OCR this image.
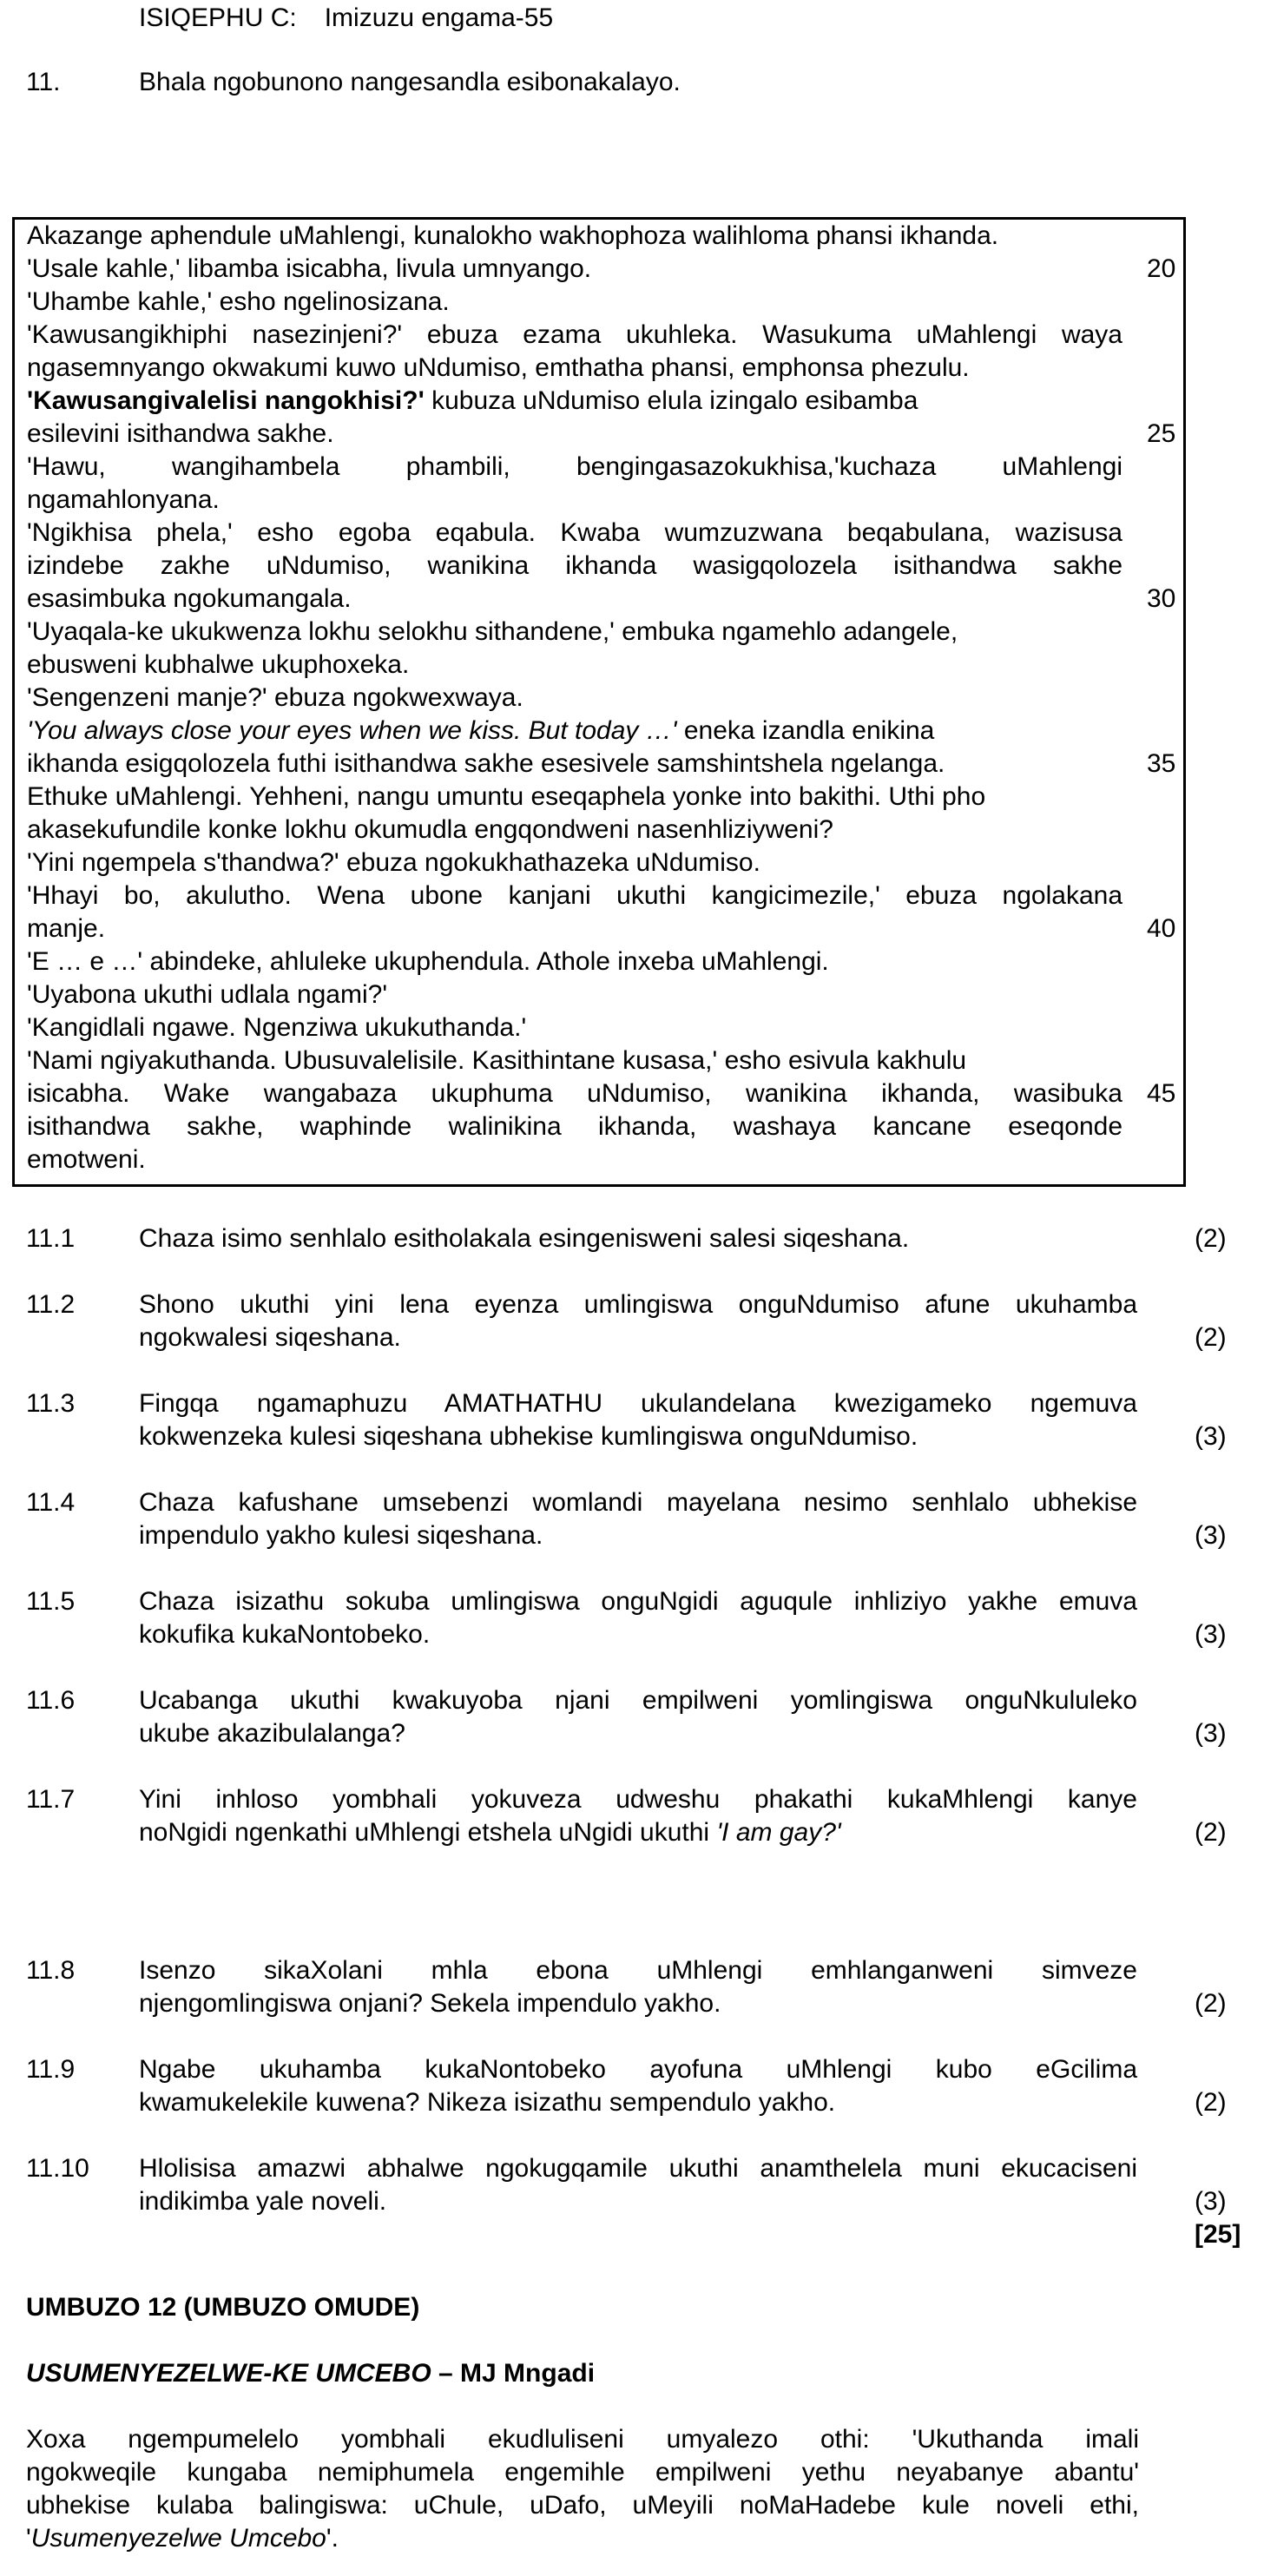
ISIQEPHU C: Imizuzu engama-55
11.	Bhala ngobunono nangesandla esibonakalayo.
Akazange aphendule uMahlengi, kunalokho wakhophoza walihloma phansi ikhanda.
'Usale kahle,' libamba isicabha, livula umnyango.
'Uhambe kahle,' esho ngelinosizana.
'Kawusangikhiphi nasezinjeni?' ebuza ezama ukuhleka. Wasukuma uMahlengi waya
ngasemnyango okwakumi kuwo uNdumiso, emthatha phansi, emphonsa phezulu.
'Kawusangivalelisi nangokhisi?' kubuza uNdumiso elula izingalo esibamba
esilevini isithandwa sakhe.
'Hawu, wangihambela phambili, bengingasazokukhisa,'kuchaza uMahlengi
ngamahlonyana.
'Ngikhisa phela,' esho egoba eqabula. Kwaba wumzuzwana beqabulana, wazisusa
izindebe zakhe uNdumiso, wanikina ikhanda wasigqolozela isithandwa sakhe
esasimbuka ngokumangala.
'Uyaqala-ke ukukwenza lokhu selokhu sithandene,' embuka ngamehlo adangele,
ebusweni kubhalwe ukuphoxeka.
'Sengenzeni manje?' ebuza ngokwexwaya.
'You always close your eyes when we kiss. But today …' eneka izandla enikina
ikhanda esigqolozela futhi isithandwa sakhe esesivele samshintshela ngelanga.
Ethuke uMahlengi. Yehheni, nangu umuntu eseqaphela yonke into bakithi. Uthi pho
akasekufundile konke lokhu okumudla engqondweni nasenhliziyweni?
'Yini ngempela s'thandwa?' ebuza ngokukhathazeka uNdumiso.
'Hhayi bo, akulutho. Wena ubone kanjani ukuthi kangicimezile,' ebuza ngolakana
manje.
'E … e …' abindeke, ahluleke ukuphendula. Athole inxeba uMahlengi.
'Uyabona ukuthi udlala ngami?'
'Kangidlali ngawe. Ngenziwa ukukuthanda.'
'Nami ngiyakuthanda. Ubusuvalelisile. Kasithintane kusasa,' esho esivula kakhulu
isicabha. Wake wangabaza ukuphuma uNdumiso, wanikina ikhanda, wasibuka
isithandwa sakhe, waphinde walinikina ikhanda, washaya kancane eseqonde
emotweni.
20
25
30
35
40
45
11.1 Chaza isimo senhlalo esitholakala esingenisweni salesi siqeshana.	(2)
11.2 Shono ukuthi yini lena eyenza umlingiswa onguNdumiso afune ukuhamba
ngokwalesi siqeshana.	(2)
11.3 Fingqa ngamaphuzu AMATHATHU ukulandelana kwezigameko ngemuva
kokwenzeka kulesi siqeshana ubhekise kumlingiswa onguNdumiso.	(3)
11.4 Chaza kafushane umsebenzi womlandi mayelana nesimo senhlalo ubhekise
impendulo yakho kulesi siqeshana.	(3)
11.5 Chaza isizathu sokuba umlingiswa onguNgidi aguqule inhliziyo yakhe emuva
kokufika kukaNontobeko.	(3)
11.6 Ucabanga ukuthi kwakuyoba njani empilweni yomlingiswa onguNkululeko
ukube akazibulalanga?	(3)
11.7 Yini inhloso yombhali yokuveza udweshu phakathi kukaMhlengi kanye
noNgidi ngenkathi uMhlengi etshela uNgidi ukuthi 'I am gay?'	(2)
11.8 Isenzo sikaXolani mhla ebona uMhlengi emhlanganweni simveze
njengomlingiswa onjani? Sekela impendulo yakho.	(2)
11.9 Ngabe ukuhamba kukaNontobeko ayofuna uMhlengi kubo eGcilima
kwamukelekile kuwena? Nikeza isizathu sempendulo yakho.	(2)
11.10 Hlolisisa amazwi abhalwe ngokugqamile ukuthi anamthelela muni ekucaciseni
indikimba yale noveli.	(3)
[25]
UMBUZO 12 (UMBUZO OMUDE)
USUMENYEZELWE-KE UMCEBO – MJ Mngadi
Xoxa ngempumelelo yombhali ekudluliseni umyalezo othi: 'Ukuthanda imali
ngokweqile kungaba nemiphumela engemihle empilweni yethu neyabanye abantu'
ubhekise kulaba balingiswa: uChule, uDafo, uMeyili noMaHadebe kule noveli ethi,
'Usumenyezelwe Umcebo'.
